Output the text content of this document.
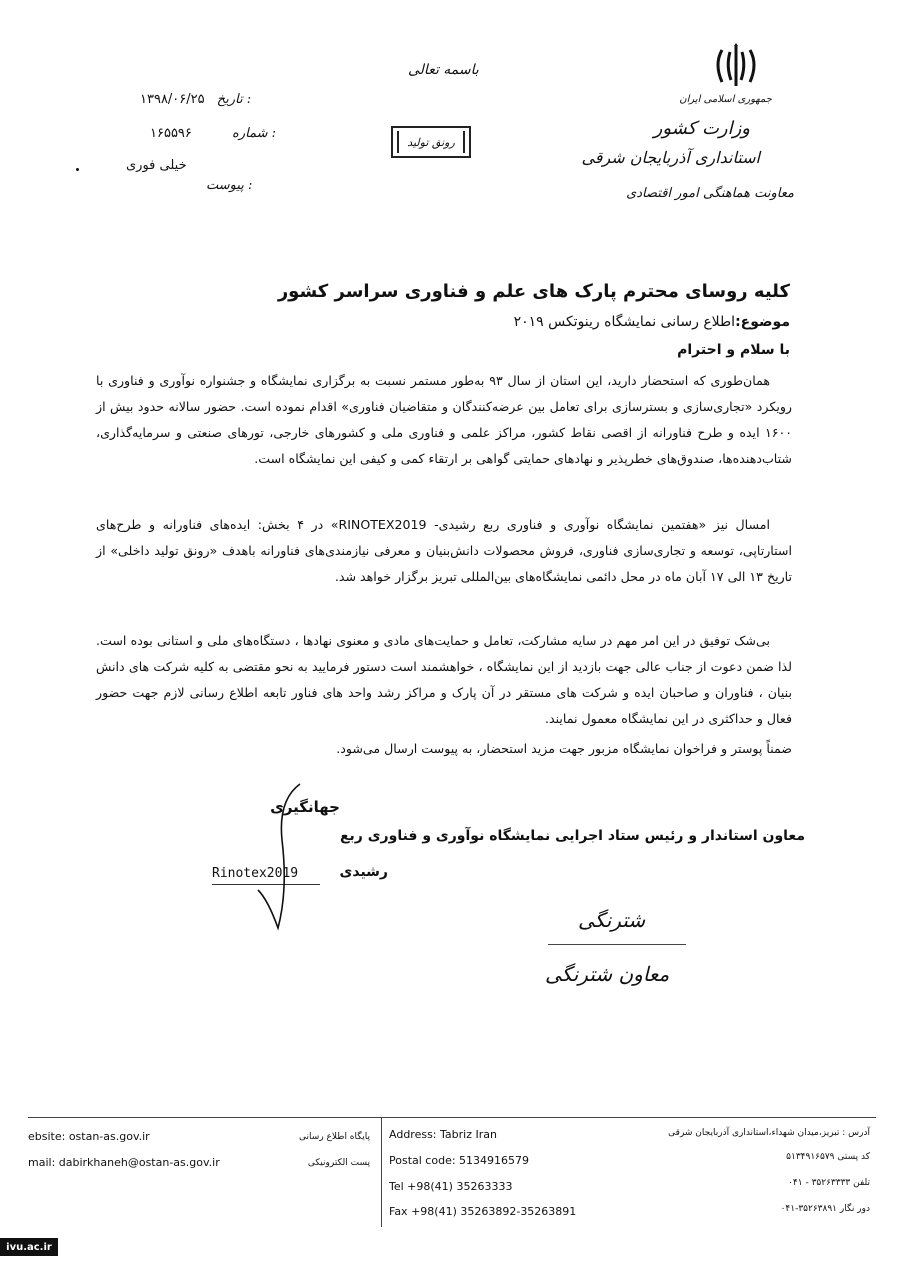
۱۳۹۸/۰۶/۲۵ تاریخ :
۱۶۵۵۹۶	شماره :
خیلی فوری
پیوست :
باسمه تعالی
رونق تولید
جمهوری اسلامی ایران
وزارت کشور
استانداری آذربایجان شرقی
معاونت هماهنگی امور اقتصادی
کلیه روسای محترم پارک های علم و فناوری سراسر کشور
موضوع:اطلاع رسانی نمایشگاه رینوتکس ۲۰۱۹
با سلام و احترام
همان‌طوری که استحضار دارید، این استان از سال ۹۳ به‌طور مستمر نسبت به برگزاری نمایشگاه و جشنواره نوآوری و فناوری با رویکرد «تجاری‌سازی و بسترسازی برای تعامل بین عرضه‌کنندگان و متقاضیان فناوری» اقدام نموده است. حضور سالانه حدود بیش از ۱۶۰۰ ایده و طرح فناورانه از اقصی نقاط کشور، مراکز علمی و فناوری ملی و کشورهای خارجی، تورهای صنعتی و سرمایه‌گذاری، شتاب‌دهنده‌ها، صندوق‌های خطرپذیر و نهادهای حمایتی گواهی بر ارتقاء کمی و کیفی این نمایشگاه است.
امسال نیز «هفتمین نمایشگاه نوآوری و فناوری ربع رشیدی- RINOTEX2019» در ۴ بخش: ایده‌های فناورانه و طرح‌های استارتاپی، توسعه و تجاری‌سازی فناوری، فروش محصولات دانش‌بنیان و معرفی نیازمندی‌های فناورانه باهدف «رونق تولید داخلی» از تاریخ ۱۳ الی ۱۷ آبان ماه در محل دائمی نمایشگاه‌های بین‌المللی تبریز برگزار خواهد شد.
بی‌شک توفیق در این امر مهم در سایه مشارکت، تعامل و حمایت‌های مادی و معنوی نهادها ، دستگاه‌های ملی و استانی بوده است. لذا ضمن دعوت از جناب عالی جهت بازدید از این نمایشگاه ، خواهشمند است دستور فرمایید به نحو مقتضی به کلیه شرکت های دانش بنیان ، فناوران و صاحبان ایده و شرکت های مستقر در آن پارک و مراکز رشد واحد های فناور تابعه اطلاع رسانی لازم جهت حضور فعال و حداکثری در این نمایشگاه معمول نمایند.
ضمناً پوستر و فراخوان نمایشگاه مزبور جهت مزید استحضار، به پیوست ارسال می‌شود.
جهانگیری
معاون استاندار و رئیس ستاد اجرایی نمایشگاه نوآوری و فناوری ربع
رشیدی
Rinotex2019
شترنگی
معاون شترنگی
ebsite: ostan-as.gov.ir
mail: dabirkhaneh@ostan-as.gov.ir
پایگاه اطلاع رسانی
پست الکترونیکی
Address: Tabriz Iran
Postal code: 5134916579
Tel +98(41) 35263333
Fax +98(41) 35263892-35263891
آدرس : تبریز،میدان شهداء،استانداری آذربایجان شرقی
کد پستی ۵۱۳۴۹۱۶۵۷۹
تلفن ۳۵۲۶۳۳۳۳ - ۰۴۱
دور نگار ۳۵۲۶۳۸۹۱-۰۴۱
ivu.ac.ir
